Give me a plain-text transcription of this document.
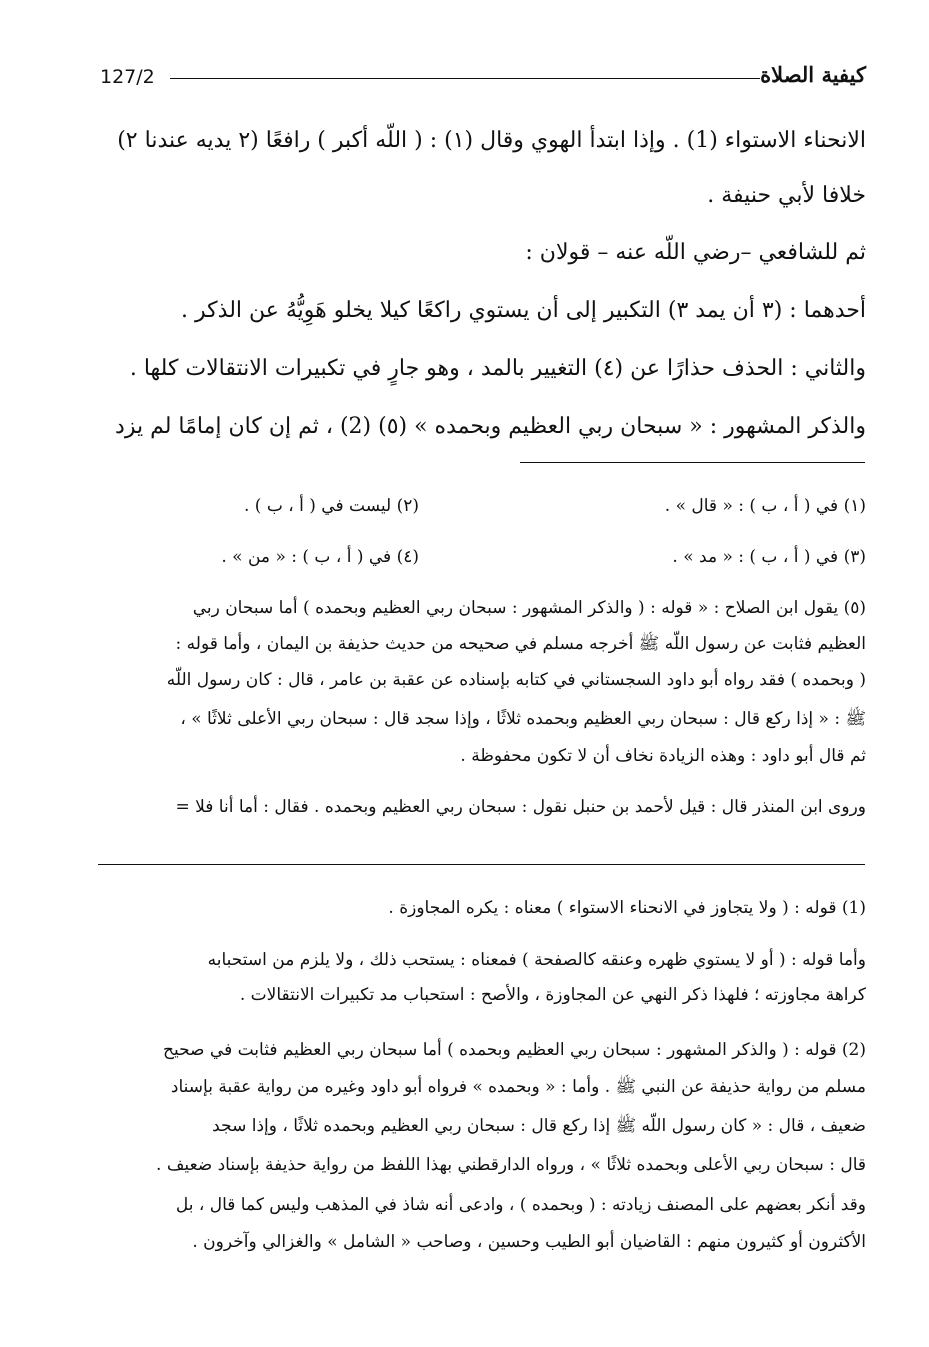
127/2	كيفية الصلاة
الانحناء الاستواء (1) . وإذا ابتدأ الهوي وقال (١) : ( اللّه أكبر ) رافعًا (٢ يديه عندنا ٢)
خلافا لأبي حنيفة .
ثم للشافعي –رضي اللّه عنه – قولان :
أحدهما : (٣ أن يمد ٣) التكبير إلى أن يستوي راكعًا كيلا يخلو هَوِيُّهُ عن الذكر .
والثاني : الحذف حذارًا عن (٤) التغيير بالمد ، وهو جارٍ في تكبيرات الانتقالات كلها .
والذكر المشهور : « سبحان ربي العظيم وبحمده » (٥) (2) ، ثم إن كان إمامًا لم يزد
(١) في ( أ ، ب ) : « قال » .
(٢) ليست في ( أ ، ب ) .
(٣) في ( أ ، ب ) : « مد » .
(٤) في ( أ ، ب ) : « من » .
(٥) يقول ابن الصلاح : « قوله : ( والذكر المشهور : سبحان ربي العظيم وبحمده ) أما سبحان ربي
العظيم فثابت عن رسول اللّه ﷺ أخرجه مسلم في صحيحه من حديث حذيفة بن اليمان ، وأما قوله :
( وبحمده ) فقد رواه أبو داود السجستاني في كتابه بإسناده عن عقبة بن عامر ، قال : كان رسول اللّه
ﷺ : « إذا ركع قال : سبحان ربي العظيم وبحمده ثلاثًا ، وإذا سجد قال : سبحان ربي الأعلى ثلاثًا » ،
ثم قال أبو داود : وهذه الزيادة نخاف أن لا تكون محفوظة .
وروى ابن المنذر قال : قيل لأحمد بن حنبل نقول : سبحان ربي العظيم وبحمده . فقال : أما أنا فلا =
(1) قوله : ( ولا يتجاوز في الانحناء الاستواء ) معناه : يكره المجاوزة .
وأما قوله : ( أو لا يستوي ظهره وعنقه كالصفحة ) فمعناه : يستحب ذلك ، ولا يلزم من استحبابه
كراهة مجاوزته ؛ فلهذا ذكر النهي عن المجاوزة ، والأصح : استحباب مد تكبيرات الانتقالات .
(2) قوله : ( والذكر المشهور : سبحان ربي العظيم وبحمده ) أما سبحان ربي العظيم فثابت في صحيح
مسلم من رواية حذيفة عن النبي ﷺ . وأما : « وبحمده » فرواه أبو داود وغيره من رواية عقبة بإسناد
ضعيف ، قال : « كان رسول اللّه ﷺ إذا ركع قال : سبحان ربي العظيم وبحمده ثلاثًا ، وإذا سجد
قال : سبحان ربي الأعلى وبحمده ثلاثًا » ، ورواه الدارقطني بهذا اللفظ من رواية حذيفة بإسناد ضعيف .
وقد أنكر بعضهم على المصنف زيادته : ( وبحمده ) ، وادعى أنه شاذ في المذهب وليس كما قال ، بل
الأكثرون أو كثيرون منهم : القاضيان أبو الطيب وحسين ، وصاحب « الشامل » والغزالي وآخرون .
